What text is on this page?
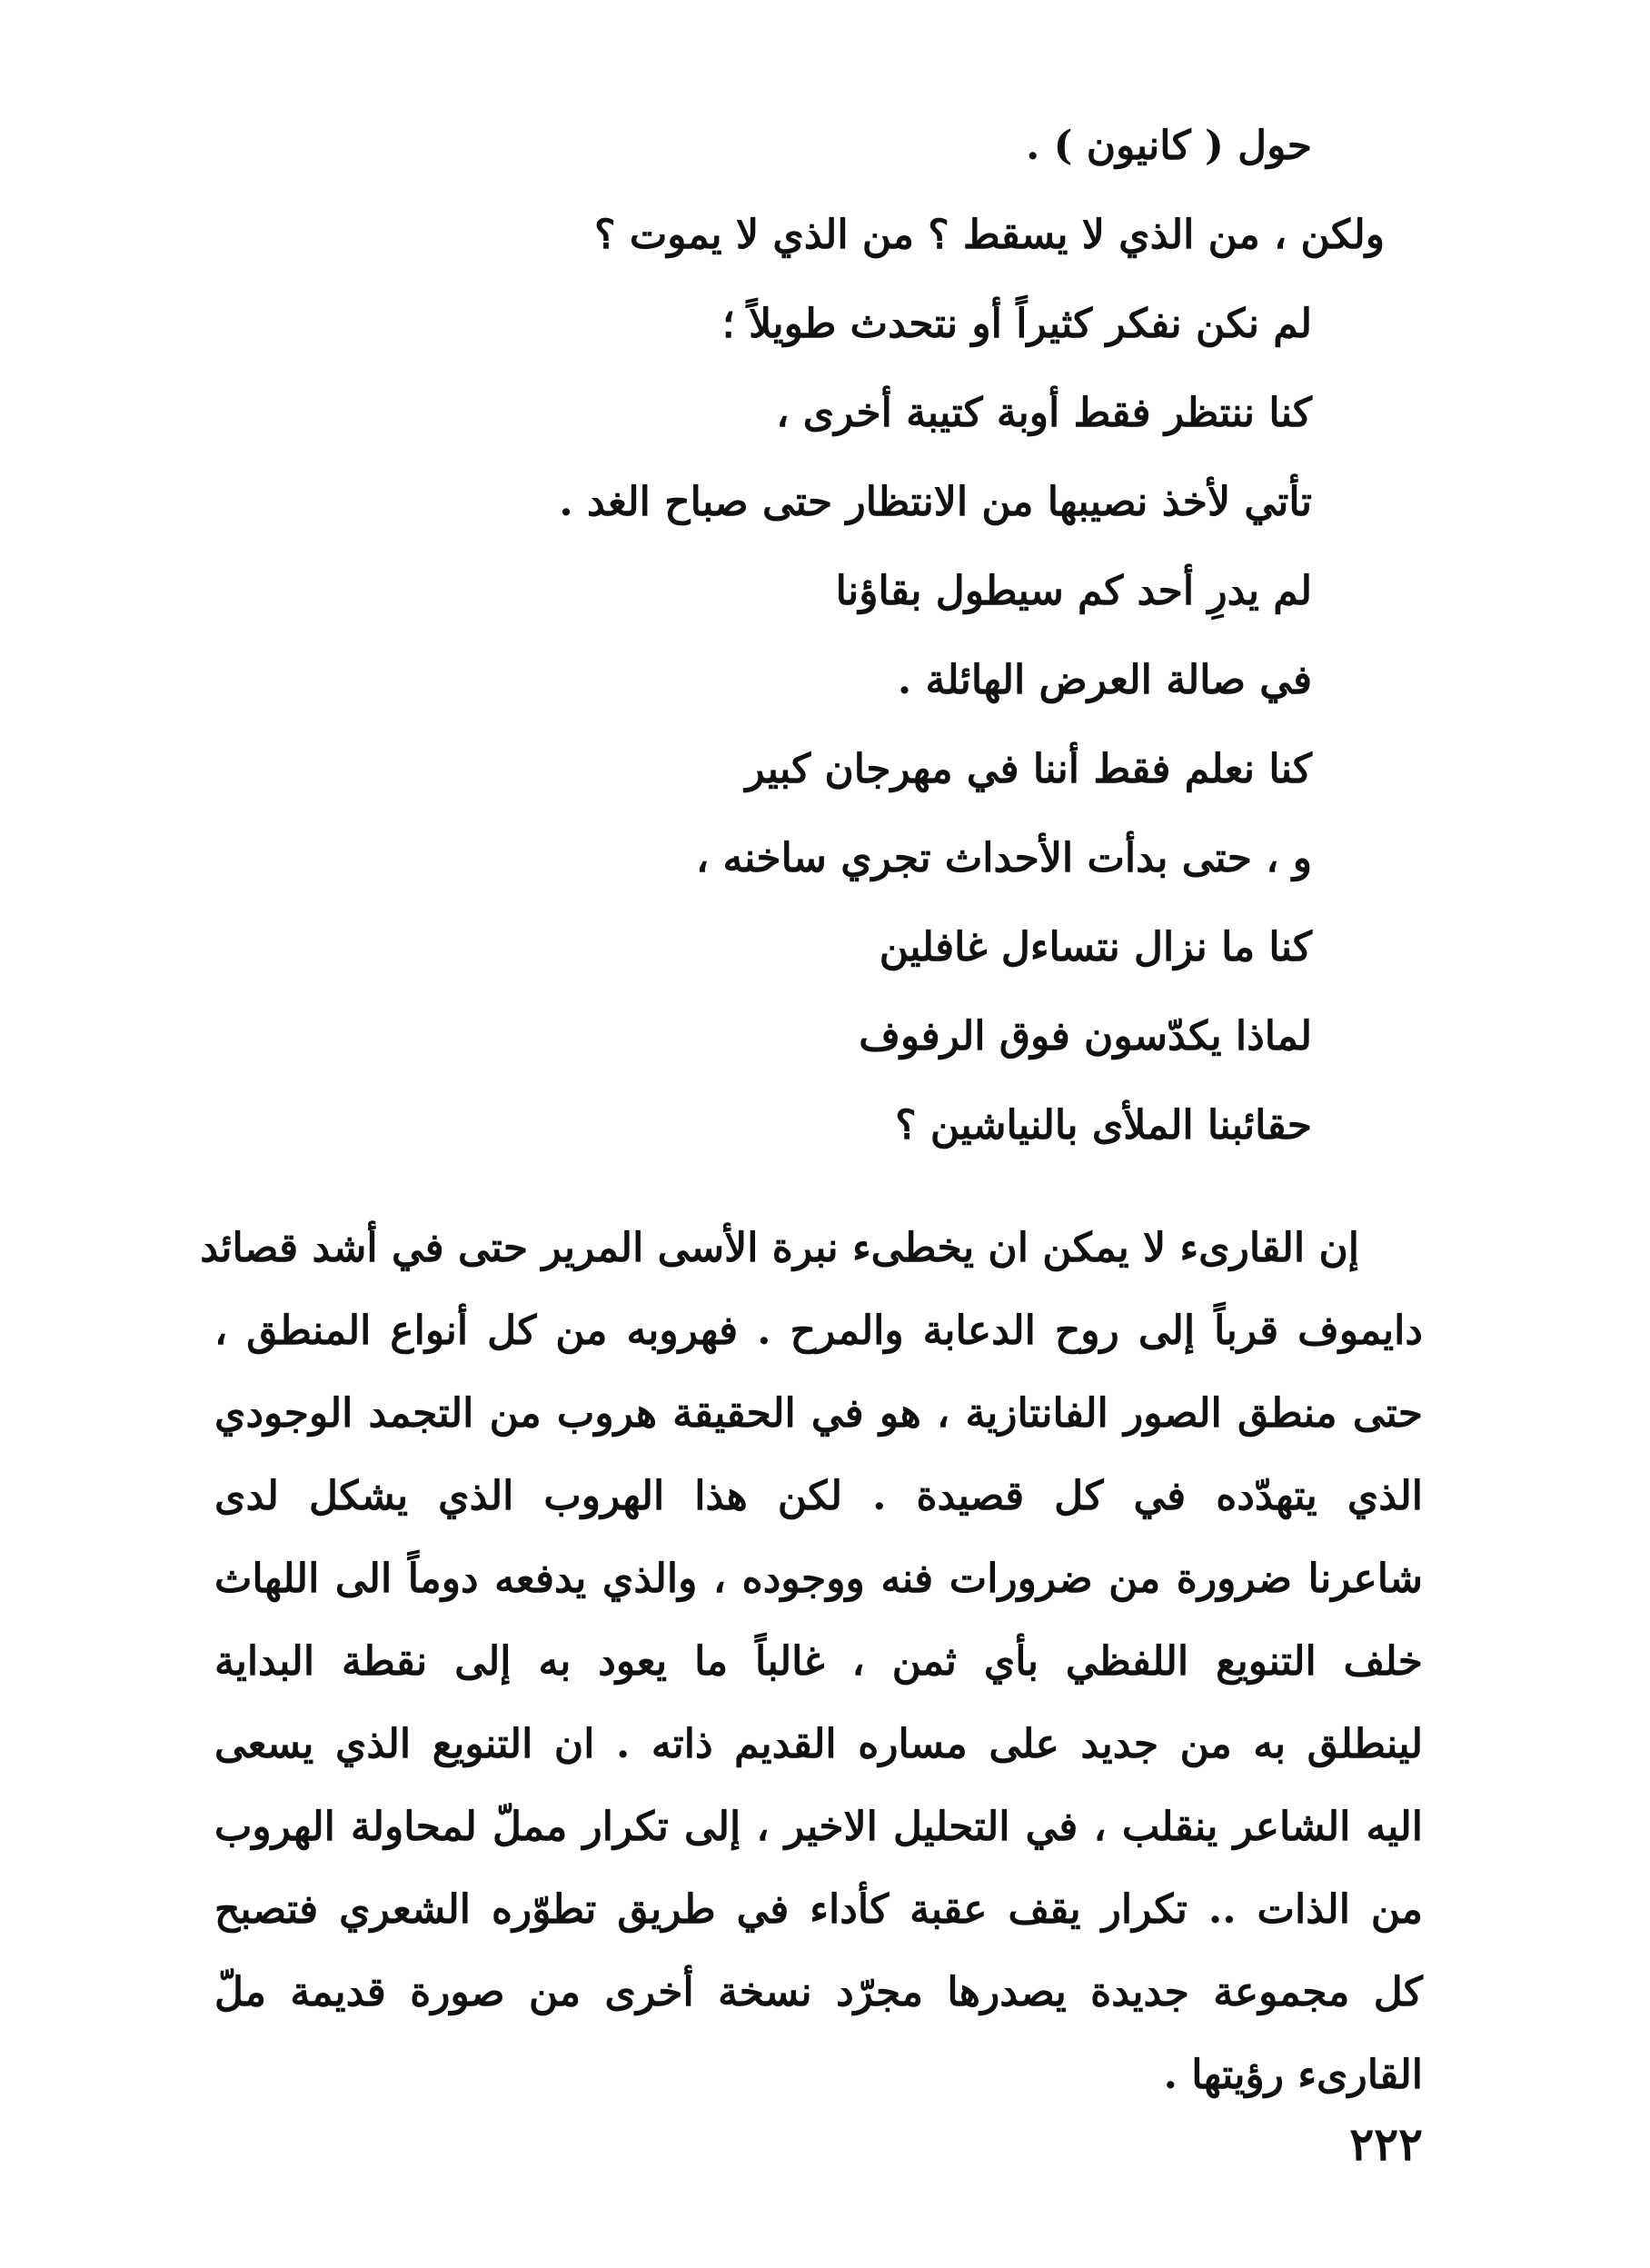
حول ( كانيون ) .
ولكن ، من الذي لا يسقط ؟ من الذي لا يموت ؟
لم نكن نفكر كثيراً أو نتحدث طويلاً ؛
كنا ننتظر فقط أوبة كتيبة أخرى ،
تأتي لأخذ نصيبها من الانتظار حتى صباح الغد .
لم يدرِ أحد كم سيطول بقاؤنا
في صالة العرض الهائلة .
كنا نعلم فقط أننا في مهرجان كبير
و ، حتى بدأت الأحداث تجري ساخنه ،
كنا ما نزال نتساءل غافلين
لماذا يكدّسون فوق الرفوف
حقائبنا الملأى بالنياشين ؟
إن القارىء لا يمكن ان يخطىء نبرة الأسى المرير حتى في أشد قصائد
دايموف قرباً إلى روح الدعابة والمرح . فهروبه من كل أنواع المنطق ،
حتى منطق الصور الفانتازية ، هو في الحقيقة هروب من التجمد الوجودي
الذي يتهدّده في كل قصيدة . لكن هذا الهروب الذي يشكل لدى
شاعرنا ضرورة من ضرورات فنه ووجوده ، والذي يدفعه دوماً الى اللهاث
خلف التنويع اللفظي بأي ثمن ، غالباً ما يعود به إلى نقطة البداية
لينطلق به من جديد على مساره القديم ذاته . ان التنويع الذي يسعى
اليه الشاعر ينقلب ، في التحليل الاخير ، إلى تكرار مملّ لمحاولة الهروب
من الذات .. تكرار يقف عقبة كأداء في طريق تطوّره الشعري فتصبح
كل مجموعة جديدة يصدرها مجرّد نسخة أخرى من صورة قديمة ملّ
القارىء رؤيتها .
٢٢٢
